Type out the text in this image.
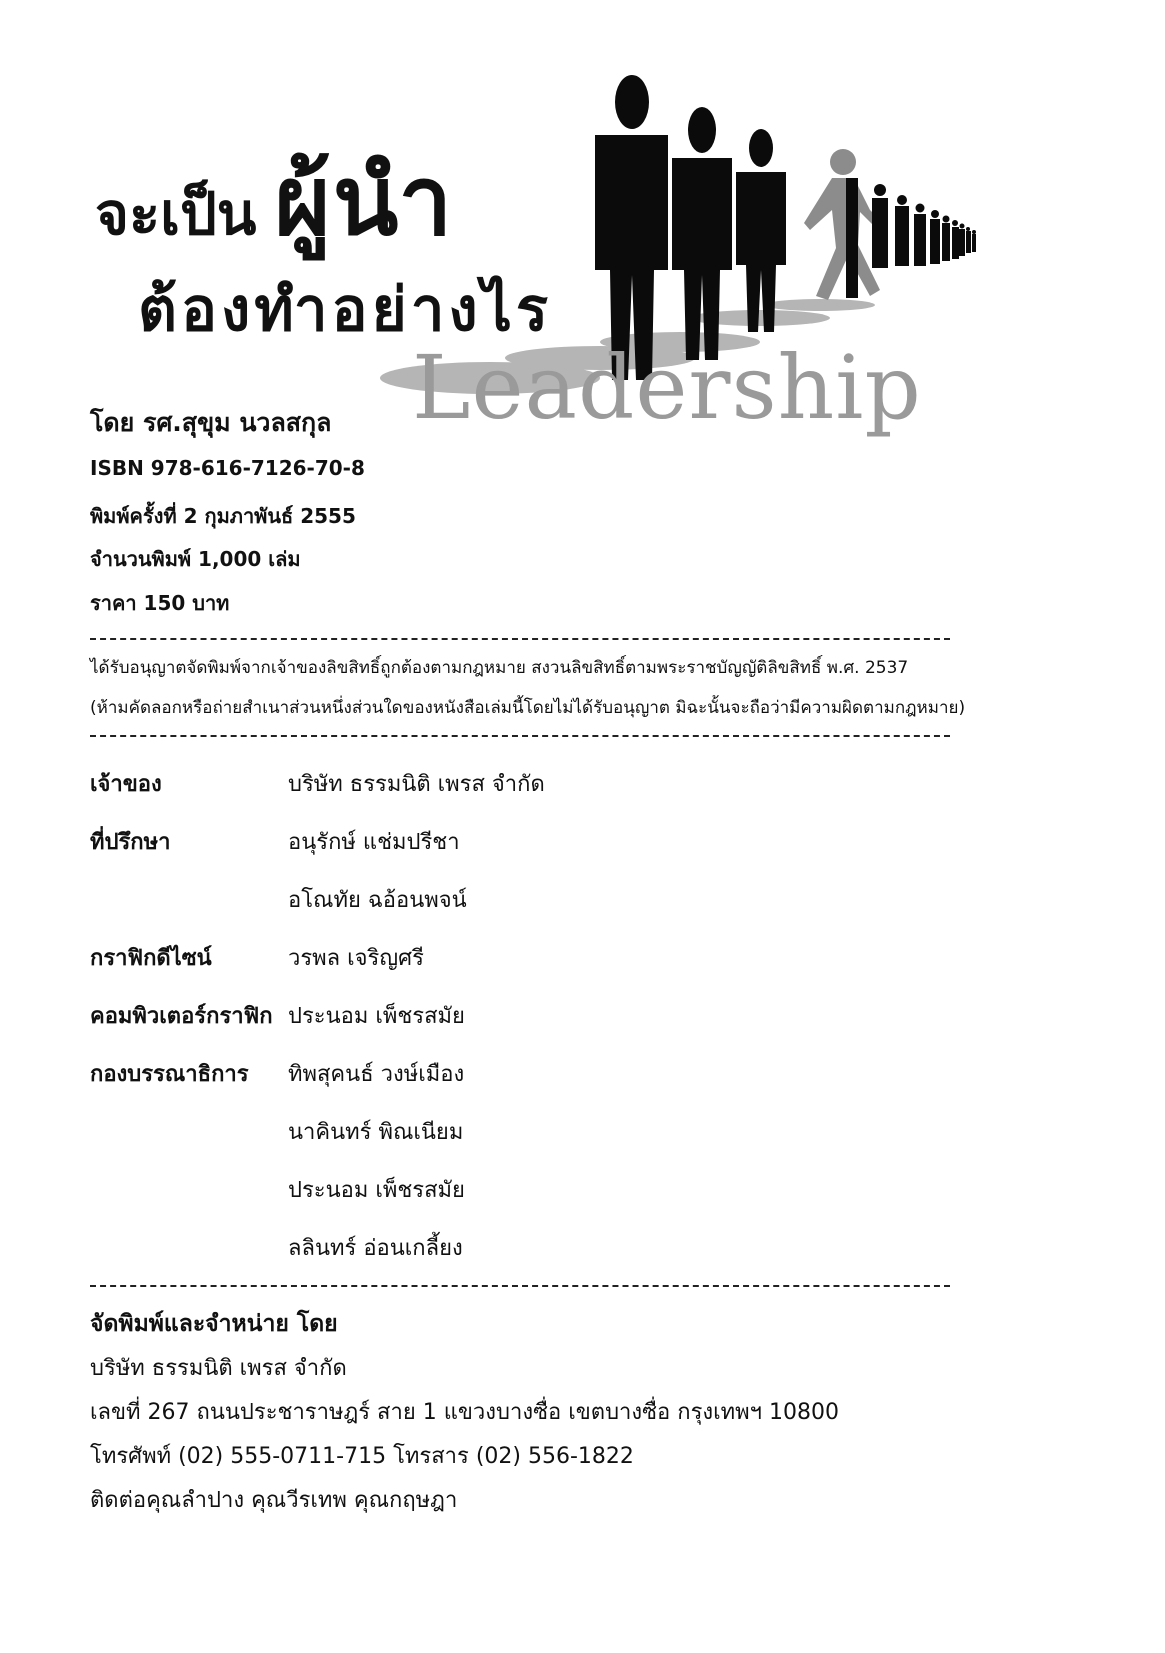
จะเป็น ผู้นำ
ต้องทำอย่างไร
Leadership
โดย รศ.สุขุม นวลสกุล
ISBN 978-616-7126-70-8
พิมพ์ครั้งที่ 2 กุมภาพันธ์ 2555
จำนวนพิมพ์ 1,000 เล่ม
ราคา 150 บาท
ได้รับอนุญาตจัดพิมพ์จากเจ้าของลิขสิทธิ์ถูกต้องตามกฎหมาย สงวนลิขสิทธิ์ตามพระราชบัญญัติลิขสิทธิ์ พ.ศ. 2537
(ห้ามคัดลอกหรือถ่ายสำเนาส่วนหนึ่งส่วนใดของหนังสือเล่มนี้โดยไม่ได้รับอนุญาต มิฉะนั้นจะถือว่ามีความผิดตามกฎหมาย)
เจ้าของ	บริษัท ธรรมนิติ เพรส จำกัด
ที่ปรึกษา	อนุรักษ์ แช่มปรีชา
อโณทัย ฉอ้อนพจน์
กราฟิกดีไซน์	วรพล เจริญศรี
คอมพิวเตอร์กราฟิก ประนอม เพ็ชรสมัย
กองบรรณาธิการ ทิพสุคนธ์ วงษ์เมือง
นาคินทร์ พิณเนียม
ประนอม เพ็ชรสมัย
ลลินทร์ อ่อนเกลี้ยง
จัดพิมพ์และจำหน่าย โดย
บริษัท ธรรมนิติ เพรส จำกัด
เลขที่ 267 ถนนประชาราษฎร์ สาย 1 แขวงบางซื่อ เขตบางซื่อ กรุงเทพฯ 10800
โทรศัพท์ (02) 555-0711-715 โทรสาร (02) 556-1822
ติดต่อคุณลำปาง คุณวีรเทพ คุณกฤษฎา
